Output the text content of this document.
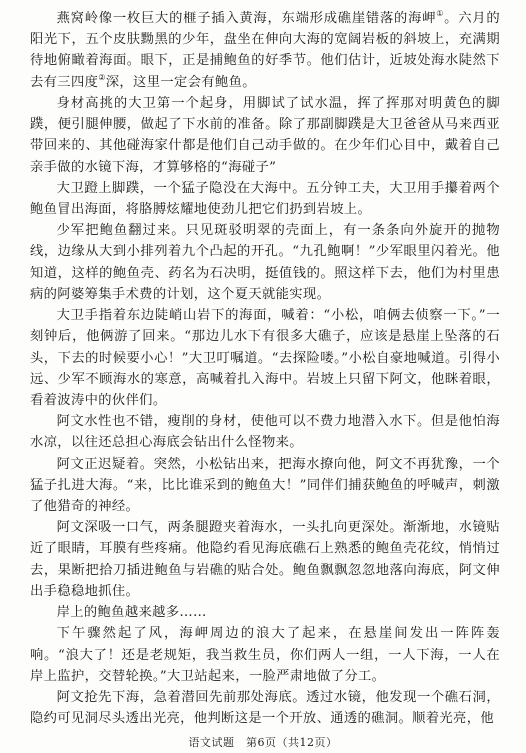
燕窝岭像一枚巨大的榧子插入黄海，东端形成礁崖错落的海岬①。六月的阳光下，五个皮肤黝黑的少年，盘坐在伸向大海的宽阔岩板的斜坡上，充满期待地俯瞰着海面。眼下，正是捕鲍鱼的好季节。他们估计，近坡处海水陡然下去有三四度②深，这里一定会有鲍鱼。

身材高挑的大卫第一个起身，用脚试了试水温，挥了挥那对明黄色的脚蹼，便引腿伸腰，做起了下水前的准备。除了那副脚蹼是大卫爸爸从马来西亚带回来的、其他碰海家什都是他们自己动手做的。在少年们心目中，戴着自己亲手做的水镜下海，才算够格的“海碰子”

大卫蹬上脚蹼，一个猛子隐没在大海中。五分钟工夫，大卫用手攥着两个鲍鱼冒出海面，将胳膊炫耀地使劲儿把它们扔到岩坡上。

少军把鲍鱼翻过来。只见斑驳明翠的壳面上，有一条条向外旋开的抛物线，边缘从大到小排列着九个凸起的开孔。“九孔鲍啊！”少军眼里闪着光。他知道，这样的鲍鱼壳、药名为石决明，挺值钱的。照这样下去，他们为村里患病的阿婆筹集手术费的计划，这个夏天就能实现。

大卫手指着东边陡峭山岩下的海面，喊着：“小松，咱俩去侦察一下。”一刻钟后，他俩游了回来。“那边儿水下有很多大礁子，应该是悬崖上坠落的石头，下去的时候要小心！”大卫叮嘱道。“去探险喽。”小松自豪地喊道。引得小远、少军不顾海水的寒意，高喊着扎入海中。岩坡上只留下阿文，他眯着眼，看着波涛中的伙伴们。

阿文水性也不错，瘦削的身材，使他可以不费力地潜入水下。但是他怕海水凉，以往还总担心海底会钻出什么怪物来。

阿文正迟疑着。突然，小松钻出来，把海水撩向他，阿文不再犹豫，一个猛子扎进大海。“来，比比谁采到的鲍鱼大！”同伴们捕获鲍鱼的呼喊声，刺激了他猎奇的神经。

阿文深吸一口气，两条腿蹬夹着海水，一头扎向更深处。渐渐地，水镜贴近了眼睛，耳膜有些疼痛。他隐约看见海底礁石上熟悉的鲍鱼壳花纹，悄悄过去，果断把拾刀插进鲍鱼与岩礁的贴合处。鲍鱼飘飘忽忽地落向海底，阿文伸出手稳稳地抓住。

岸上的鲍鱼越来越多……

下午骤然起了风，海岬周边的浪大了起来，在悬崖间发出一阵阵轰响。“浪大了！还是老规矩，我当救生员，你们两人一组，一人下海，一人在岸上监护，交替轮换。”大卫站起来，一脸严肃地做了分工。

阿文抢先下海，急着潜回先前那处海底。透过水镜，他发现一个礁石洞，隐约可见洞尽头透出光亮，他判断这是一个开放、通透的礁洞。顺着光亮，他

语文试题　第6页（共12页）
